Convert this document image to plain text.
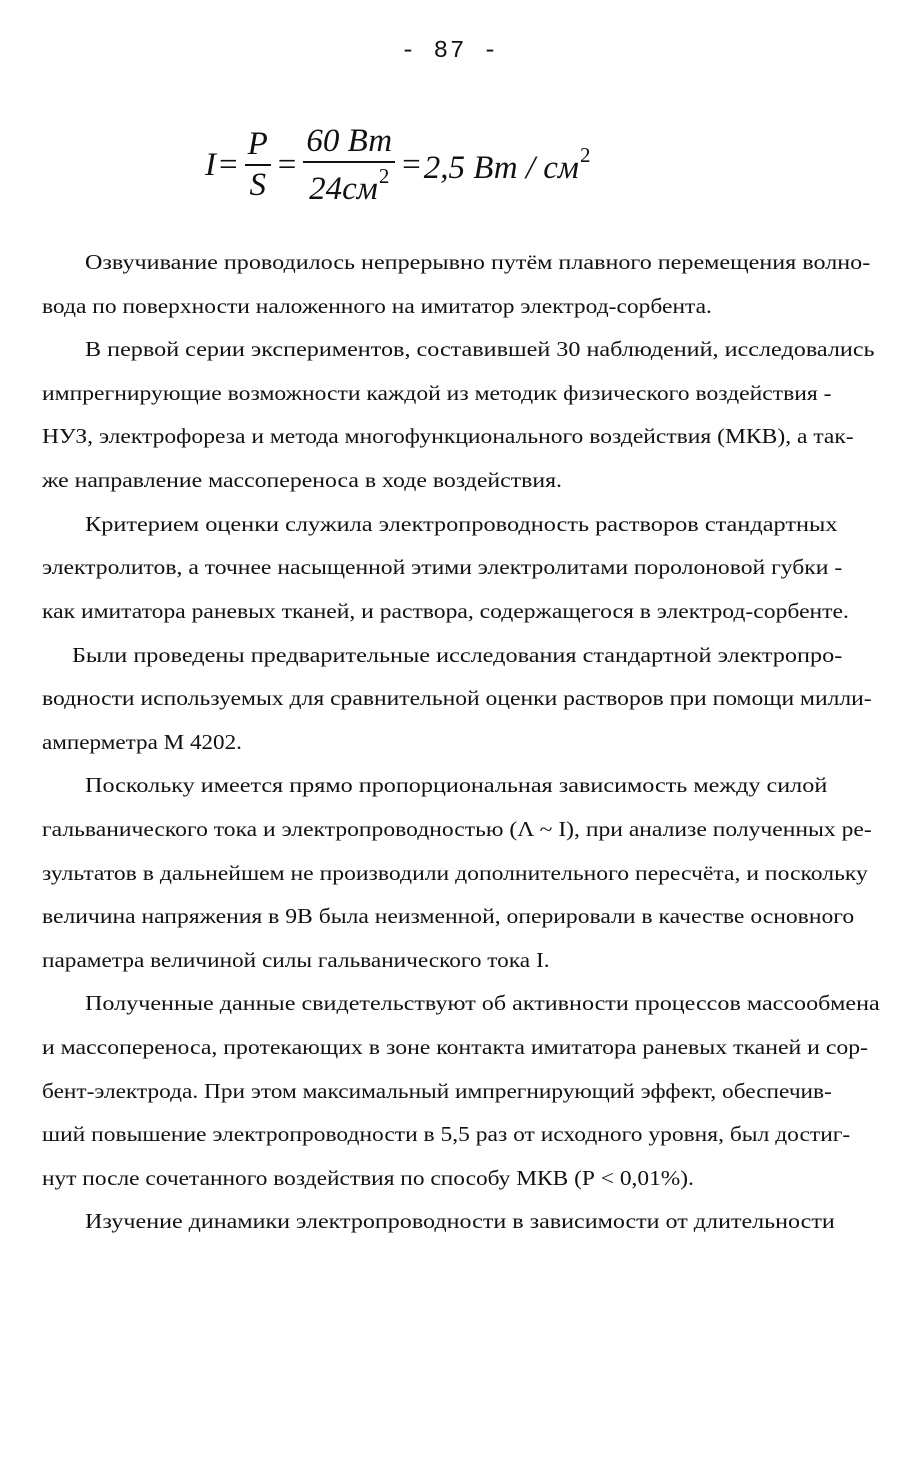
- 87 -
$I = \frac{P}{S} = \frac{60 Вт}{24см^2} = 2,5$ Вт / $см^2$
Озвучивание проводилось непрерывно путём плавного перемещения волно-
вода по поверхности наложенного на имитатор электрод-сорбента.
В первой серии экспериментов, составившей 30 наблюдений, исследовались
импрегнирующие возможности каждой из методик физического воздействия -
НУЗ, электрофореза и метода многофункционального воздействия (МКВ), а так-
же направление массопереноса в ходе воздействия.
Критерием оценки служила электропроводность растворов стандартных
электролитов, а точнее насыщенной этими электролитами поролоновой губки -
как имитатора раневых тканей, и раствора, содержащегося в электрод-сорбенте.
Были проведены предварительные исследования стандартной электропро-
водности используемых для сравнительной оценки растворов при помощи милли-
амперметра М 4202.
Поскольку имеется прямо пропорциональная зависимость между силой
гальванического тока и электропроводностью (Λ ~ I), при анализе полученных ре-
зультатов в дальнейшем не производили дополнительного пересчёта, и поскольку
величина напряжения в 9В была неизменной, оперировали в качестве основного
параметра величиной силы гальванического тока I.
Полученные данные свидетельствуют об активности процессов массообмена
и массопереноса, протекающих в зоне контакта имитатора раневых тканей и сор-
бент-электрода. При этом максимальный импрегнирующий эффект, обеспечив-
ший повышение электропроводности в 5,5 раз от исходного уровня, был достиг-
нут после сочетанного воздействия по способу МКВ (Р < 0,01%).
Изучение динамики электропроводности в зависимости от длительности
